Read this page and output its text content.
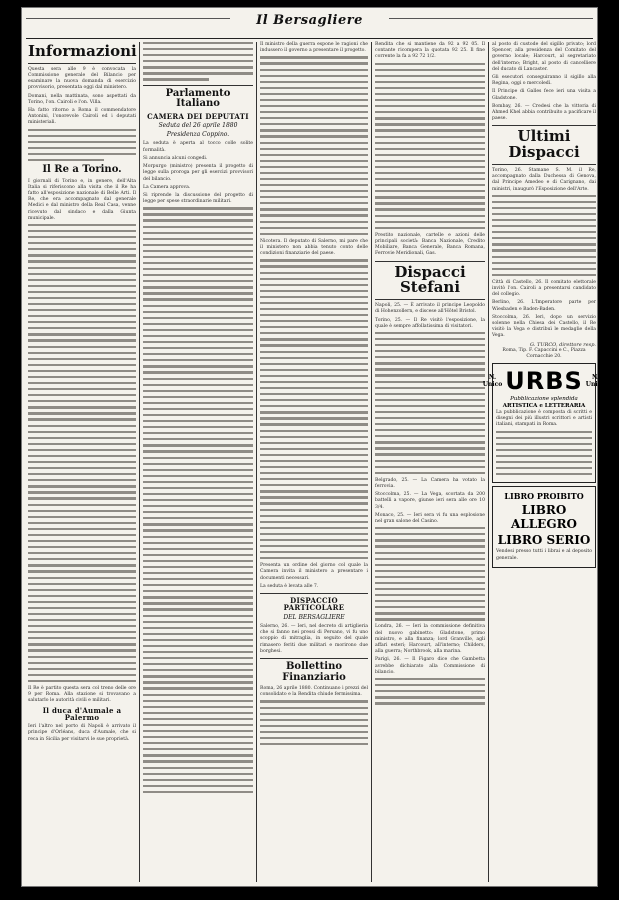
Il Bersagliere
Informazioni

Questa sera alle 9 è convocata la Commissione generale del Bilancio per esaminare la nuova domanda di esercizio provvisorio, presentata oggi dal ministero.

Domani, nella mattinata, sono aspettati da Torino, l'on. Cairoli e l'on. Villa.

Ha fatto ritorno a Roma il commendatore Antonini, l'onorevole Cairoli ed i deputati ministeriali.

Il Re a Torino.

I giornali di Torino e, in genere, dell'Alta Italia si riferiscono alla visita che il Re ha fatto all'esposizione nazionale di Belle Arti. Il Re, che era accompagnato dal generale Medici e dal ministro della Real Casa, venne ricevuto dal sindaco e dalla Giunta municipale.

Il Re è partito questa sera col treno delle ore 9 per Roma. Alla stazione si trovavano a salutarlo le autorità civili e militari.

Il duca d'Aumale a Palermo

Ieri l'altro nel porto di Napoli è arrivato il principe d'Orléans, duca d'Aumale, che si reca in Sicilia per visitarvi le sue proprietà.

Parlamento Italiano
CAMERA DEI DEPUTATI
Seduta del 26 aprile 1880
Presidenza Coppino.

La seduta è aperta al tocco colle solite formalità.

Si annuncia alcuni congedi.

Morpurgo (ministro) presenta il progetto di legge sulla proroga per gli esercizi provvisori del bilancio.

La Camera approva.

Si riprende la discussione del progetto di legge per spese straordinarie militari.

Il ministro della guerra espone le ragioni che indussero il governo a presentare il progetto.

Nicotera. Il deputato di Salerno, mi pare che il ministero non abbia tenuto conto delle condizioni finanziarie del paese.

Presenta un ordine del giorno col quale la Camera invita il ministero a presentare i documenti necessari.

La seduta è levata alle 7.

DISPACCIO PARTICOLARE
DEL BERSAGLIERE

Salerno, 26. — Ieri, nel decreto di artiglieria che si fanno nei pressi di Persano, vi fu uno scoppio di mitraglia, in seguito del quale rimasero feriti due militari e morirono due borghesi.

Bollettino Finanziario

Roma, 26 aprile 1880. Continuano i prezzi del consolidato e la Rendita chiude fermissima.

Rendita che si mantiene da 92 a 92 05. Il contante ricompera la quotata 92 25. Il fine corrente la fa a 92 72 1/2.

Prestito nazionale, cartelle e azioni delle principali società: Banca Nazionale, Credito Mobiliare, Banca Generale, Banca Romana, Ferrovie Meridionali, Gas.

Dispacci Stefani

Napoli, 25. — È arrivato il principe Leopoldo di Hohenzollern, e discese all'Hôtel Bristol.

Torino, 25. — Il Re visitò l'esposizione, la quale è sempre affollatissima di visitatori.

Belgrado, 25. — La Camera ha votato la ferrovia.

Stoccolma, 25. — La Vega, scortata da 200 battelli a vapore, giunse ieri sera alle ore 10 3/4.

Monaco, 25. — Ieri sera vi fu una esplosione nel gran salone del Casino.

Londra, 26. — Ieri la commissione definitiva del nuovo gabinetto: Gladstone, primo ministro, e alla finanza; lord Granville, agli affari esteri; Harcourt, all'interno; Childers, alla guerra; Northbrook, alla marina.

Parigi, 26. — Il Figaro dice che Gambetta avrebbe dichiarato alla Commissione di bilancio.

al posto di custode del sigillo privato; lord Spencer, alla presidenza del Comitato del governo locale; Harcourt, al segretariato dell'interno; Bright, al posto di cancelliere del ducato di Lancaster.

Gli esecutori conseguiranno il sigillo alla Regina, oggi o mercoledì.

Il Principe di Galles fece ieri una visita a Gladstone.

Bombay, 26. — Credesi che la vittoria di Ahmed Khel abbia contribuito a pacificare il paese.

Ultimi Dispacci

Torino, 26. Stamane S. M. il Re, accompagnato dalla Duchessa di Genova, dal Principe Amedeo e di Carignano, dai ministri, inaugurò l'Esposizione dell'Arte.

Città di Castello, 26. Il comitato elettorale invitò l'on. Cairoli a presentarsi candidato del collegio.

Berlino, 26. L'Imperatore parte per Wiesbaden e Baden-Baden.

Stoccolma, 26. Ieri, dopo un servizio solenne nella Chiesa dei Castello, il Re visitò la Vega e distribuì le medaglie della Vega.

G. TURCO, direttore resp.

Roma, Tip. F. Capaccini e C., Piazza Cornacchie 20.

N. Unico URBS	N. Unico
Pubblicazione splendida
ARTISTICA e LETTERARIA

La pubblicazione è composta di scritti e disegni dei più illustri scrittori e artisti italiani, stampati in Roma.

LIBRO PROIBITO
LIBRO ALLEGRO
LIBRO SERIO

Vendesi presso tutti i librai e al deposito generale.
